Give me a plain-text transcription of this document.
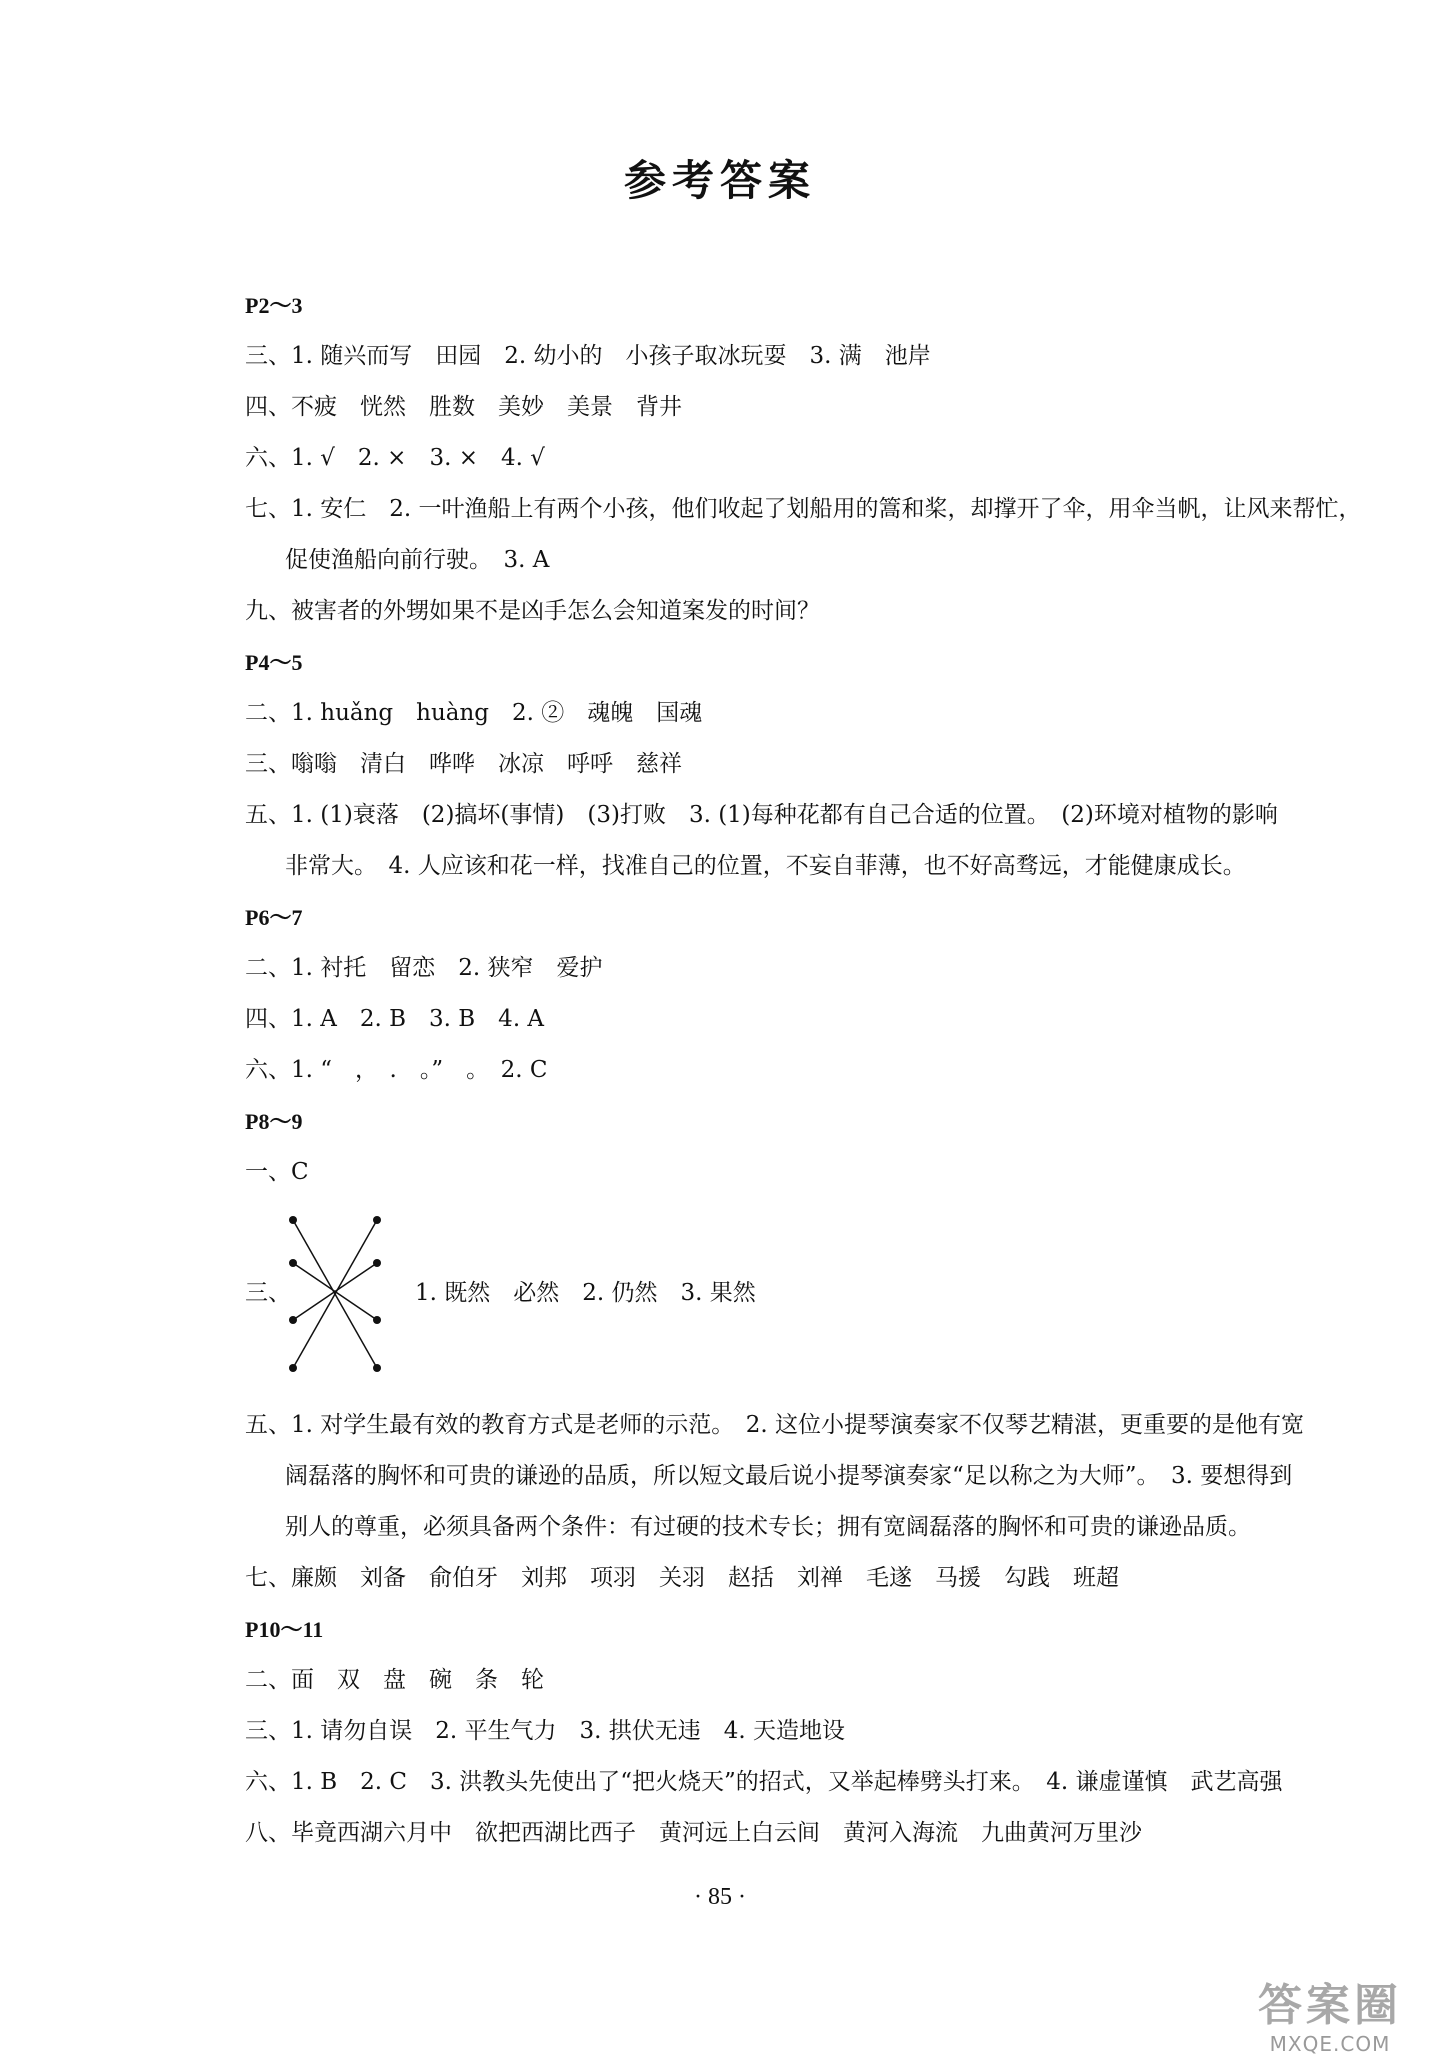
参考答案
P2～3
三、1. 随兴而写　田园　2. 幼小的　小孩子取冰玩耍　3. 满　池岸
四、不疲　恍然　胜数　美妙　美景　背井
六、1. √　2. ×　3. ×　4. √
七、1. 安仁　2. 一叶渔船上有两个小孩，他们收起了划船用的篙和桨，却撑开了伞，用伞当帆，让风来帮忙，
促使渔船向前行驶。　3. A
九、被害者的外甥如果不是凶手怎么会知道案发的时间？
P4～5
二、1. huǎng　huàng　2. ②　魂魄　国魂
三、嗡嗡　清白　哗哗　冰凉　呼呼　慈祥
五、1. (1)衰落　(2)搞坏(事情)　(3)打败　3. (1)每种花都有自己合适的位置。　(2)环境对植物的影响
非常大。　4. 人应该和花一样，找准自己的位置，不妄自菲薄，也不好高骛远，才能健康成长。
P6～7
二、1. 衬托　留恋　2. 狭窄　爱护
四、1. A　2. B　3. B　4. A
六、1. “　，　.　。”　。　2. C
P8～9
一、C
三、	1. 既然　必然　2. 仍然　3. 果然
五、1. 对学生最有效的教育方式是老师的示范。　2. 这位小提琴演奏家不仅琴艺精湛，更重要的是他有宽
阔磊落的胸怀和可贵的谦逊的品质，所以短文最后说小提琴演奏家“足以称之为大师”。　3. 要想得到
别人的尊重，必须具备两个条件：有过硬的技术专长；拥有宽阔磊落的胸怀和可贵的谦逊品质。
七、廉颇　刘备　俞伯牙　刘邦　项羽　关羽　赵括　刘禅　毛遂　马援　勾践　班超
P10～11
二、面　双　盘　碗　条　轮
三、1. 请勿自误　2. 平生气力　3. 拱伏无违　4. 天造地设
六、1. B　2. C　3. 洪教头先使出了“把火烧天”的招式，又举起棒劈头打来。　4. 谦虚谨慎　武艺高强
八、毕竟西湖六月中　欲把西湖比西子　黄河远上白云间　黄河入海流　九曲黄河万里沙
· 85 ·
答案圈
MXQE.COM
